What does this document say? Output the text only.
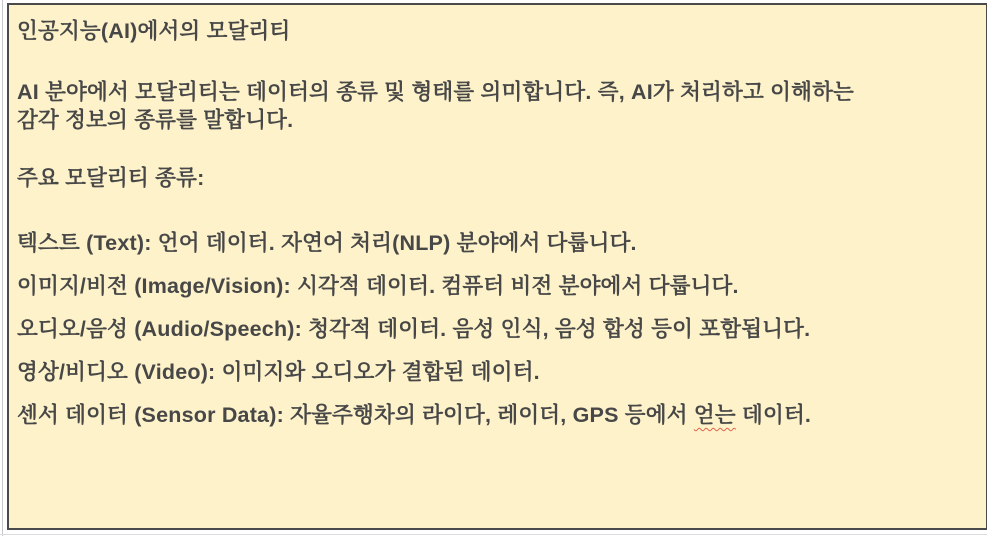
인공지능(AI)에서의 모달리티
AI 분야에서 모달리티는 데이터의 종류 및 형태를 의미합니다. 즉, AI가 처리하고 이해하는
감각 정보의 종류를 말합니다.
주요 모달리티 종류:
텍스트 (Text): 언어 데이터. 자연어 처리(NLP) 분야에서 다룹니다.
이미지/비전 (Image/Vision): 시각적 데이터. 컴퓨터 비전 분야에서 다룹니다.
오디오/음성 (Audio/Speech): 청각적 데이터. 음성 인식, 음성 합성 등이 포함됩니다.
영상/비디오 (Video): 이미지와 오디오가 결합된 데이터.
센서 데이터 (Sensor Data): 자율주행차의 라이다, 레이더, GPS 등에서 얻는 데이터.
